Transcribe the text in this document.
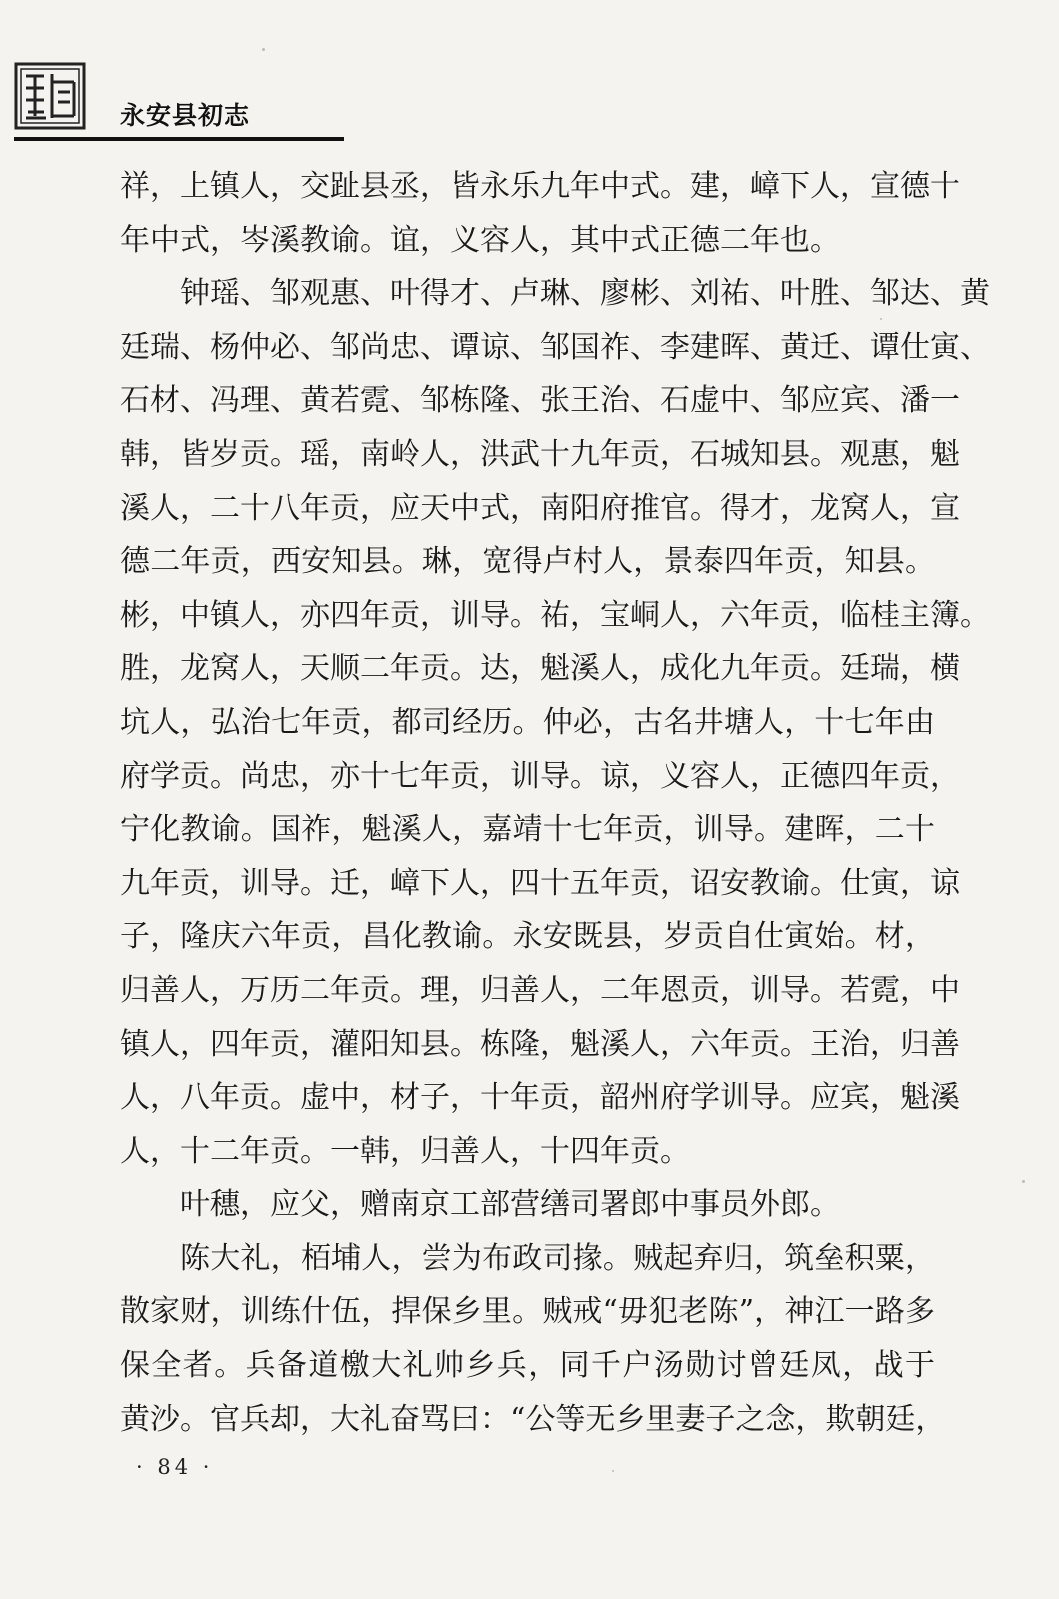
永安县初志
祥，上镇人，交趾县丞，皆永乐九年中式。建，嶂下人，宣德十
年中式，岑溪教谕。谊，义容人，其中式正德二年也。
钟瑶、邹观惠、叶得才、卢琳、廖彬、刘祐、叶胜、邹达、黄
廷瑞、杨仲必、邹尚忠、谭谅、邹国祚、李建晖、黄迁、谭仕寅、
石材、冯理、黄若霓、邹栋隆、张王治、石虚中、邹应宾、潘一
韩，皆岁贡。瑶，南岭人，洪武十九年贡，石城知县。观惠，魁
溪人，二十八年贡，应天中式，南阳府推官。得才，龙窝人，宣
德二年贡，西安知县。琳，宽得卢村人，景泰四年贡，知县。
彬，中镇人，亦四年贡，训导。祐，宝峒人，六年贡，临桂主簿。
胜，龙窝人，天顺二年贡。达，魁溪人，成化九年贡。廷瑞，横
坑人，弘治七年贡，都司经历。仲必，古名井塘人，十七年由
府学贡。尚忠，亦十七年贡，训导。谅，义容人，正德四年贡，
宁化教谕。国祚，魁溪人，嘉靖十七年贡，训导。建晖，二十
九年贡，训导。迁，嶂下人，四十五年贡，诏安教谕。仕寅，谅
子，隆庆六年贡，昌化教谕。永安既县，岁贡自仕寅始。材，
归善人，万历二年贡。理，归善人，二年恩贡，训导。若霓，中
镇人，四年贡，灌阳知县。栋隆，魁溪人，六年贡。王治，归善
人，八年贡。虚中，材子，十年贡，韶州府学训导。应宾，魁溪
人，十二年贡。一韩，归善人，十四年贡。
叶穗，应父，赠南京工部营缮司署郎中事员外郎。
陈大礼，栢埔人，尝为布政司掾。贼起弃归，筑垒积粟，
散家财，训练什伍，捍保乡里。贼戒“毋犯老陈”，神江一路多
保全者。兵备道檄大礼帅乡兵，同千户汤勋讨曾廷凤，战于
黄沙。官兵却，大礼奋骂曰：“公等无乡里妻子之念，欺朝廷，
· 84 ·
